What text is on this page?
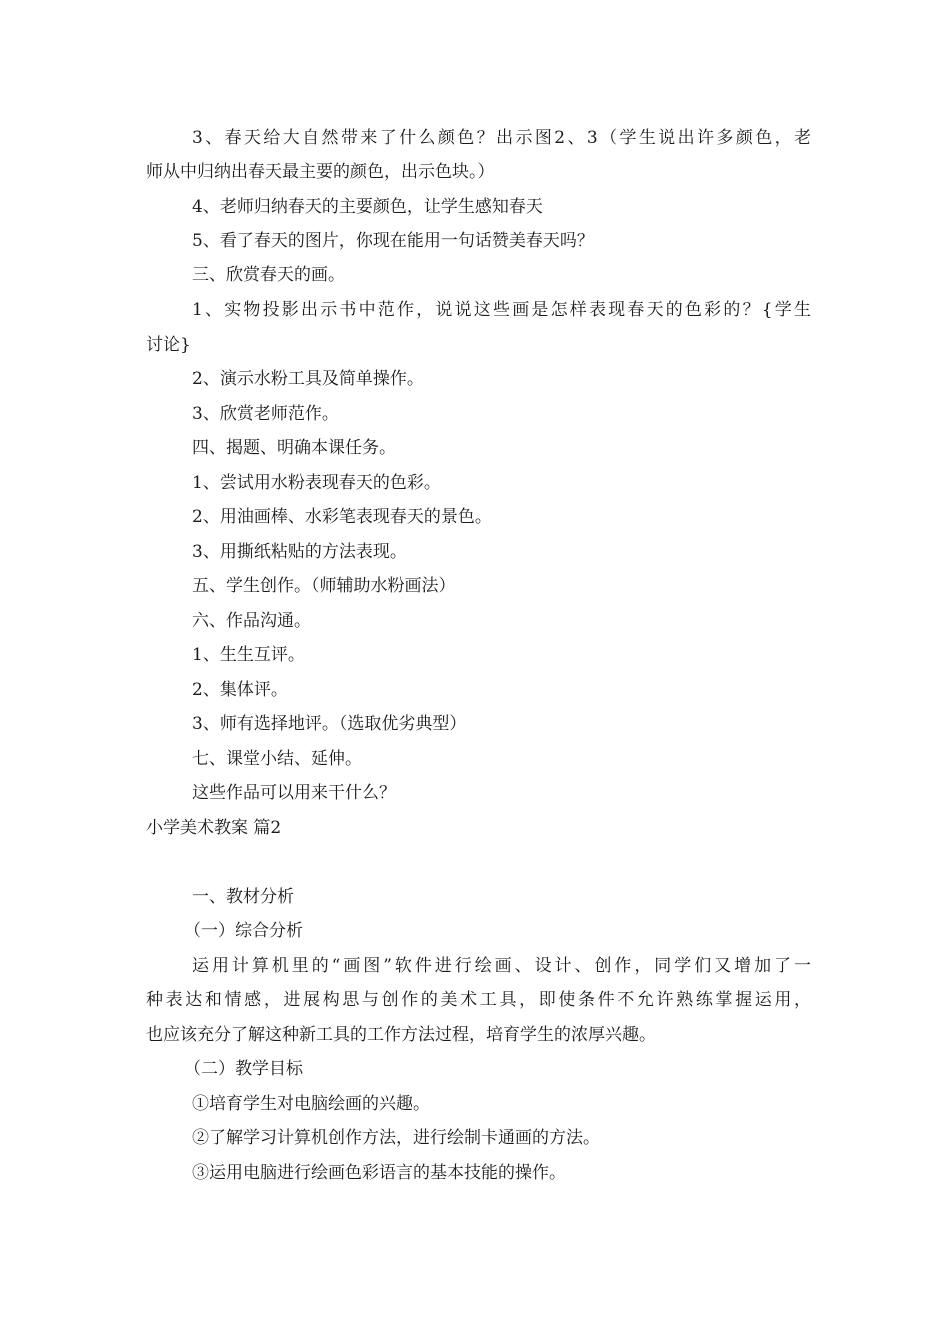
3、春天给大自然带来了什么颜色？出示图2、3（学生说出许多颜色，老
师从中归纳出春天最主要的颜色，出示色块。）
4、老师归纳春天的主要颜色，让学生感知春天
5、看了春天的图片，你现在能用一句话赞美春天吗？
三、欣赏春天的画。
1、实物投影出示书中范作，说说这些画是怎样表现春天的色彩的？{学生
讨论}
2、演示水粉工具及简单操作。
3、欣赏老师范作。
四、揭题、明确本课任务。
1、尝试用水粉表现春天的色彩。
2、用油画棒、水彩笔表现春天的景色。
3、用撕纸粘贴的方法表现。
五、学生创作。（师辅助水粉画法）
六、作品沟通。
1、生生互评。
2、集体评。
3、师有选择地评。（选取优劣典型）
七、课堂小结、延伸。
这些作品可以用来干什么？
小学美术教案 篇2
一、教材分析
（一）综合分析
运用计算机里的“画图”软件进行绘画、设计、创作，同学们又增加了一
种表达和情感，进展构思与创作的美术工具，即使条件不允许熟练掌握运用，
也应该充分了解这种新工具的工作方法过程，培育学生的浓厚兴趣。
（二）教学目标
①培育学生对电脑绘画的兴趣。
②了解学习计算机创作方法，进行绘制卡通画的方法。
③运用电脑进行绘画色彩语言的基本技能的操作。
